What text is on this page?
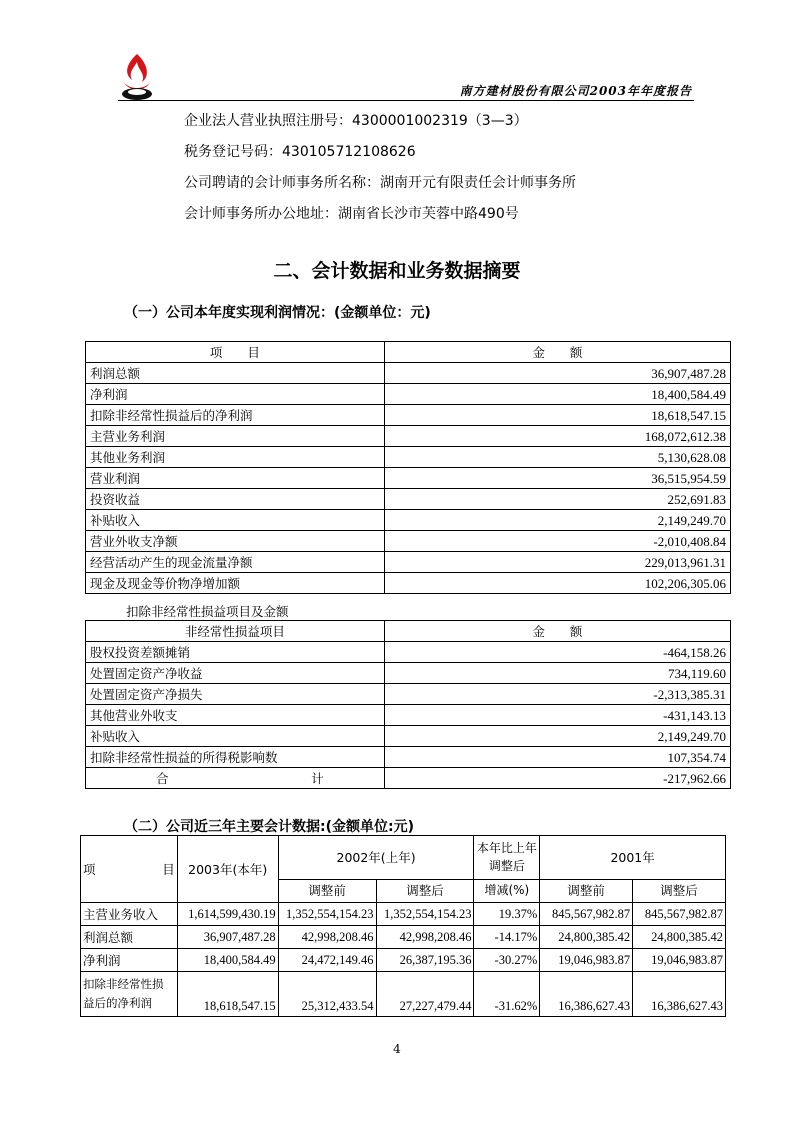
南方建材股份有限公司2003年年度报告
企业法人营业执照注册号：4300001002319（3—3）
税务登记号码：430105712108626
公司聘请的会计师事务所名称：湖南开元有限责任会计师事务所
会计师事务所办公地址：湖南省长沙市芙蓉中路490号
二、会计数据和业务数据摘要
（一）公司本年度实现利润情况：(金额单位：元)
项　　目	金　　额
利润总额	36,907,487.28
净利润	18,400,584.49
扣除非经常性损益后的净利润	18,618,547.15
主营业务利润	168,072,612.38
其他业务利润	5,130,628.08
营业利润	36,515,954.59
投资收益	252,691.83
补贴收入	2,149,249.70
营业外收支净额	-2,010,408.84
经营活动产生的现金流量净额	229,013,961.31
现金及现金等价物净增加额	102,206,305.06
扣除非经常性损益项目及金额
非经常性损益项目	金　　额
股权投资差额摊销	-464,158.26
处置固定资产净收益	734,119.60
处置固定资产净损失	-2,313,385.31
其他营业外收支	-431,143.13
补贴收入	2,149,249.70
扣除非经常性损益的所得税影响数	107,354.74

合 计	-217,962.66
（二）公司近三年主要会计数据:(金额单位:元)
项 目	2003年(本年)	2002年(上年)		本年比上年调整后	2001年	
		调整前	调整后	增减(%)	调整前	调整后
主营业务收入	1,614,599,430.19	1,352,554,154.23	1,352,554,154.23	19.37%	845,567,982.87	845,567,982.87
利润总额	36,907,487.28	42,998,208.46	42,998,208.46	-14.17%	24,800,385.42	24,800,385.42
净利润	18,400,584.49	24,472,149.46	26,387,195.36	-30.27%	19,046,983.87	19,046,983.87
扣除非经常性损益后的净利润	18,618,547.15	25,312,433.54	27,227,479.44	-31.62%	16,386,627.43	16,386,627.43
4
